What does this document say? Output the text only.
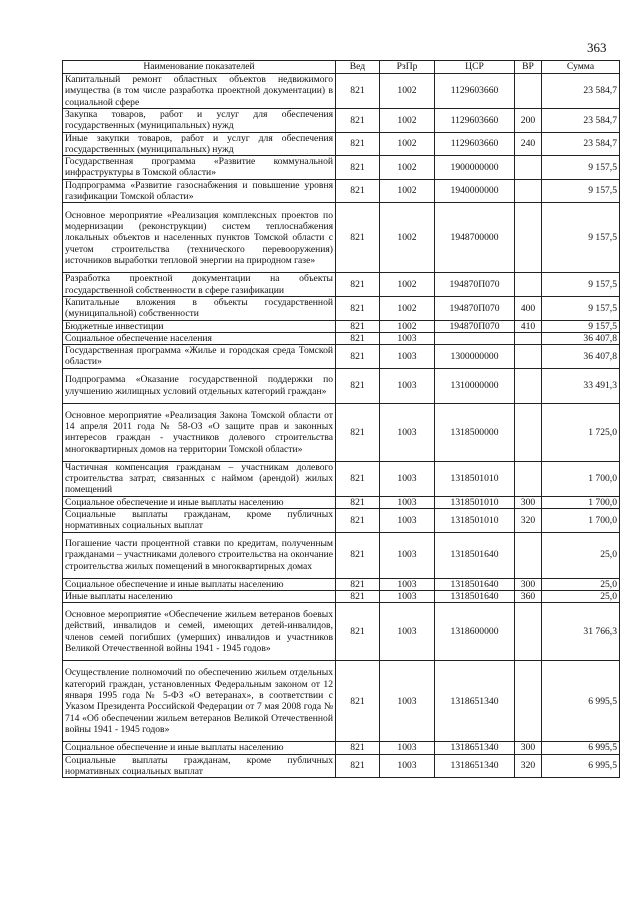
363
Наименование показателей	Вед	РзПр	ЦСР	ВР	Сумма
Капитальный ремонт областных объектов недвижимого имущества (в том числе разработка проектной документации) в социальной сфере	821	1002	1129603660		23 584,7
Закупка товаров, работ и услуг для обеспечения государственных (муниципальных) нужд	821	1002	1129603660	200	23 584,7
Иные закупки товаров, работ и услуг для обеспечения государственных (муниципальных) нужд	821	1002	1129603660	240	23 584,7
Государственная программа «Развитие коммунальной инфраструктуры в Томской области»	821	1002	1900000000		9 157,5
Подпрограмма «Развитие газоснабжения и повышение уровня газификации Томской области»	821	1002	1940000000		9 157,5
Основное мероприятие «Реализация комплексных проектов по модернизации (реконструкции) систем теплоснабжения локальных объектов и населенных пунктов Томской области с учетом строительства (технического перевооружения) источников выработки тепловой энергии на природном газе»	821	1002	1948700000		9 157,5
Разработка проектной документации на объекты государственной собственности в сфере газификации	821	1002	194870П070		9 157,5
Капитальные вложения в объекты государственной (муниципальной) собственности	821	1002	194870П070	400	9 157,5
Бюджетные инвестиции	821	1002	194870П070	410	9 157,5
Социальное обеспечение населения	821	1003			36 407,8
Государственная программа «Жилье и городская среда Томской области»	821	1003	1300000000		36 407,8
Подпрограмма «Оказание государственной поддержки по улучшению жилищных условий отдельных категорий граждан»	821	1003	1310000000		33 491,3
Основное мероприятие «Реализация Закона Томской области от 14 апреля 2011 года № 58-ОЗ «О защите прав и законных интересов граждан - участников долевого строительства многоквартирных домов на территории Томской области»	821	1003	1318500000		1 725,0
Частичная компенсация гражданам – участникам долевого строительства затрат, связанных с наймом (арендой) жилых помещений	821	1003	1318501010		1 700,0
Социальное обеспечение и иные выплаты населению	821	1003	1318501010	300	1 700,0
Социальные выплаты гражданам, кроме публичных нормативных социальных выплат	821	1003	1318501010	320	1 700,0
Погашение части процентной ставки по кредитам, полученным гражданами – участниками долевого строительства на окончание строительства жилых помещений в многоквартирных домах	821	1003	1318501640		25,0
Социальное обеспечение и иные выплаты населению	821	1003	1318501640	300	25,0
Иные выплаты населению	821	1003	1318501640	360	25,0
Основное мероприятие «Обеспечение жильем ветеранов боевых действий, инвалидов и семей, имеющих детей-инвалидов, членов семей погибших (умерших) инвалидов и участников Великой Отечественной войны 1941 - 1945 годов»	821	1003	1318600000		31 766,3
Осуществление полномочий по обеспечению жильем отдельных категорий граждан, установленных Федеральным законом от 12 января 1995 года № 5-ФЗ «О ветеранах», в соответствии с Указом Президента Российской Федерации от 7 мая 2008 года № 714 «Об обеспечении жильем ветеранов Великой Отечественной войны 1941 - 1945 годов»	821	1003	1318651340		6 995,5
Социальное обеспечение и иные выплаты населению	821	1003	1318651340	300	6 995,5
Социальные выплаты гражданам, кроме публичных нормативных социальных выплат	821	1003	1318651340	320	6 995,5
